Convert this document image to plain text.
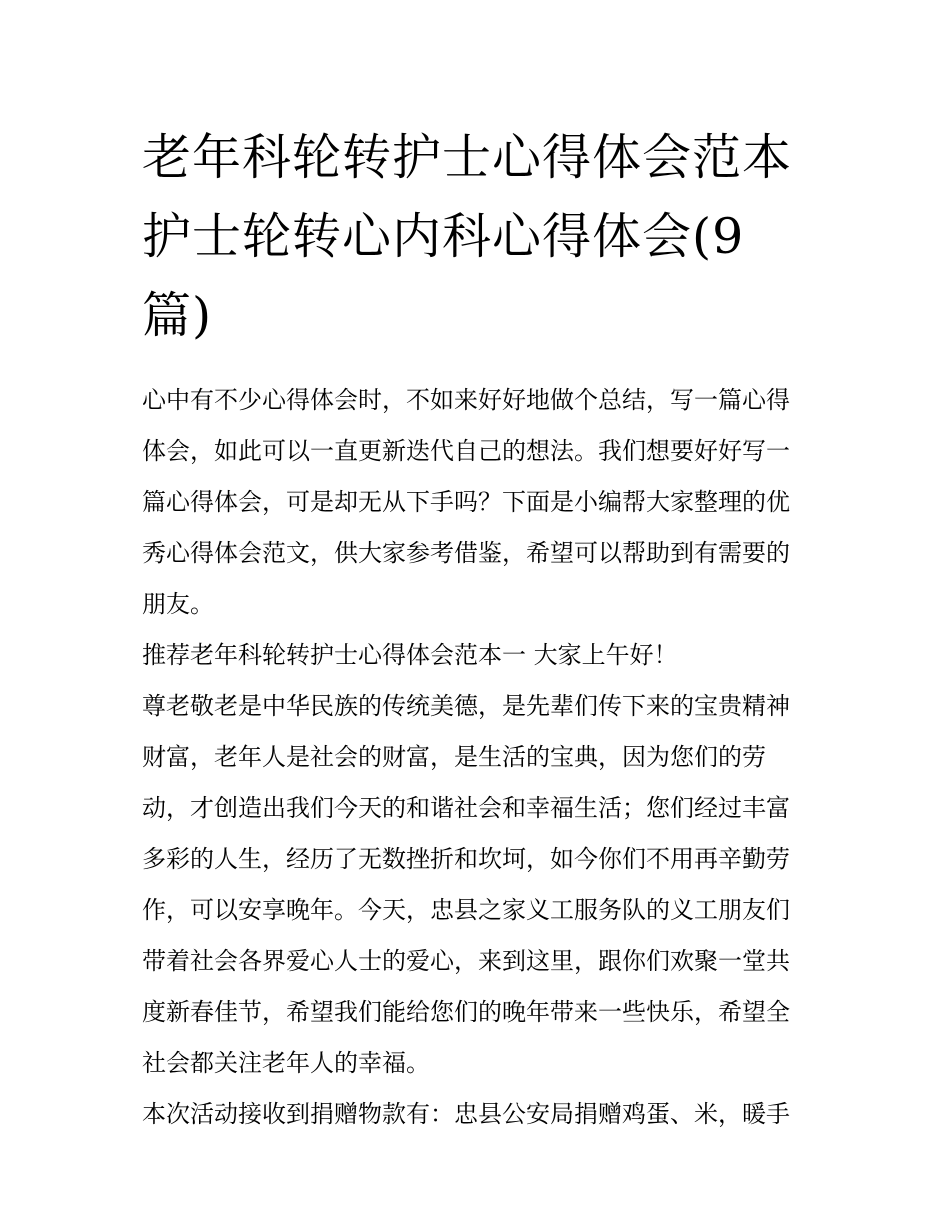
老年科轮转护士心得体会范本
护士轮转心内科心得体会(9
篇)

心中有不少心得体会时，不如来好好地做个总结，写一篇心得
体会，如此可以一直更新迭代自己的想法。我们想要好好写一
篇心得体会，可是却无从下手吗？下面是小编帮大家整理的优
秀心得体会范文，供大家参考借鉴，希望可以帮助到有需要的
朋友。

推荐老年科轮转护士心得体会范本一 大家上午好！

尊老敬老是中华民族的传统美德，是先辈们传下来的宝贵精神
财富，老年人是社会的财富，是生活的宝典，因为您们的劳
动，才创造出我们今天的和谐社会和幸福生活；您们经过丰富
多彩的人生，经历了无数挫折和坎坷，如今你们不用再辛勤劳
作，可以安享晚年。今天，忠县之家义工服务队的义工朋友们
带着社会各界爱心人士的爱心，来到这里，跟你们欢聚一堂共
度新春佳节，希望我们能给您们的晚年带来一些快乐，希望全
社会都关注老年人的幸福。

本次活动接收到捐赠物款有：忠县公安局捐赠鸡蛋、米，暖手
